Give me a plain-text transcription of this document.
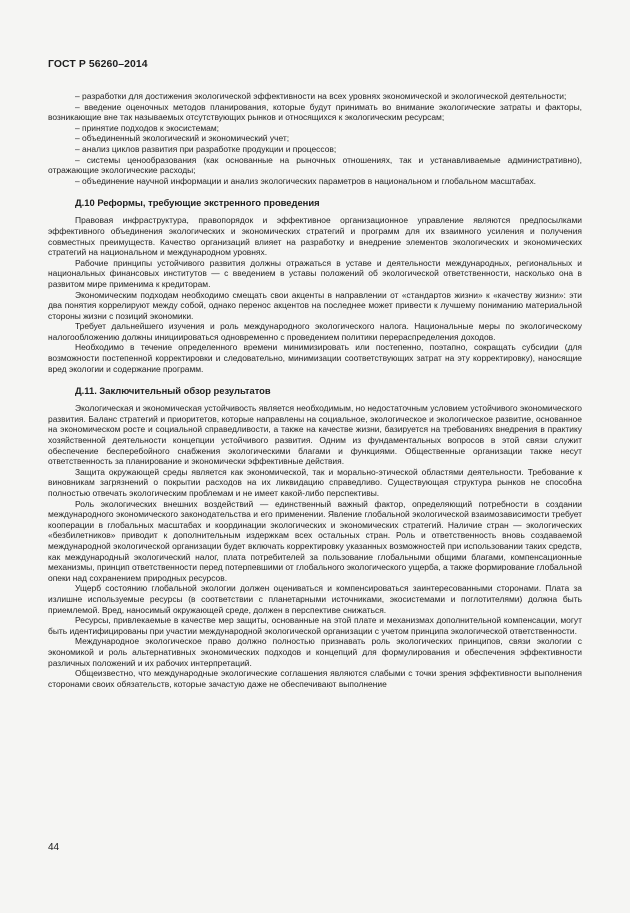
ГОСТ Р 56260–2014

– разработки для достижения экологической эффективности на всех уровнях экономической и экологической деятельности;

– введение оценочных методов планирования, которые будут принимать во внимание экологические затраты и факторы, возникающие вне так называемых отсутствующих рынков и относящихся к экологическим ресурсам;

– принятие подходов к экосистемам;

– объединенный экологический и экономический учет;

– анализ циклов развития при разработке продукции и процессов;

– системы ценообразования (как основанные на рыночных отношениях, так и устанавливаемые административно), отражающие экологические расходы;

– объединение научной информации и анализ экологических параметров в национальном и глобальном масштабах.

Д.10 Реформы, требующие экстренного проведения

Правовая инфраструктура, правопорядок и эффективное организационное управление являются предпосылками эффективного объединения экологических и экономических стратегий и программ для их взаимного усиления и получения совместных преимуществ. Качество организаций влияет на разработку и внедрение элементов экологических и экономических стратегий на национальном и международном уровнях.

Рабочие принципы устойчивого развития должны отражаться в уставе и деятельности международных, региональных и национальных финансовых институтов — с введением в уставы положений об экологической ответственности, насколько она в развитом мире применима к кредиторам.

Экономическим подходам необходимо смещать свои акценты в направлении от «стандартов жизни» к «качеству жизни»: эти два понятия коррелируют между собой, однако перенос акцентов на последнее может привести к лучшему пониманию материальной стороны жизни с позиций экономики.

Требует дальнейшего изучения и роль международного экологического налога. Национальные меры по экологическому налогообложению должны инициироваться одновременно с проведением политики перераспределения доходов.

Необходимо в течение определенного времени минимизировать или постепенно, поэтапно, сокращать субсидии (для возможности постепенной корректировки и следовательно, минимизации соответствующих затрат на эту корректировку), наносящие вред экологии и содержание программ.

Д.11. Заключительный обзор результатов

Экологическая и экономическая устойчивость является необходимым, но недостаточным условием устойчивого экономического развития. Баланс стратегий и приоритетов, которые направлены на социальное, экологическое и экологическое развитие, основанное на экономическом росте и социальной справедливости, а также на качестве жизни, базируется на требованиях внедрения в практику хозяйственной деятельности концепции устойчивого развития. Одним из фундаментальных вопросов в этой связи служит обеспечение бесперебойного снабжения экологическими благами и функциями. Общественные организации также несут ответственность за планирование и экономически эффективные действия.

Защита окружающей среды является как экономической, так и морально-этической областями деятельности. Требование к виновникам загрязнений о покрытии расходов на их ликвидацию справедливо. Существующая структура рынков не способна полностью отвечать экологическим проблемам и не имеет какой-либо перспективы.

Роль экологических внешних воздействий — единственный важный фактор, определяющий потребности в создании международного экономического законодательства и его применении. Явление глобальной экологической взаимозависимости требует кооперации в глобальных масштабах и координации экологических и экономических стратегий. Наличие стран — экологических «безбилетников» приводит к дополнительным издержкам всех остальных стран. Роль и ответственность вновь создаваемой международной экологической организации будет включать корректировку указанных возможностей при использовании таких средств, как международный экологический налог, плата потребителей за пользование глобальными общими благами, компенсационные механизмы, принцип ответственности перед потерпевшими от глобального экологического ущерба, а также формирование глобальной опеки над сохранением природных ресурсов.

Ущерб состоянию глобальной экологии должен оцениваться и компенсироваться заинтересованными сторонами. Плата за излишне используемые ресурсы (в соответствии с планетарными источниками, экосистемами и поглотителями) должна быть приемлемой. Вред, наносимый окружающей среде, должен в перспективе снижаться.

Ресурсы, привлекаемые в качестве мер защиты, основанные на этой плате и механизмах дополнительной компенсации, могут быть идентифицированы при участии международной экологической организации с учетом принципа экологической ответственности.

Международное экологическое право должно полностью признавать роль экологических принципов, связи экологии с экономикой и роль альтернативных экономических подходов и концепций для формулирования и обеспечения эффективности различных положений и их рабочих интерпретаций.

Общеизвестно, что международные экологические соглашения являются слабыми с точки зрения эффективности выполнения сторонами своих обязательств, которые зачастую даже не обеспечивают выполнение

44
